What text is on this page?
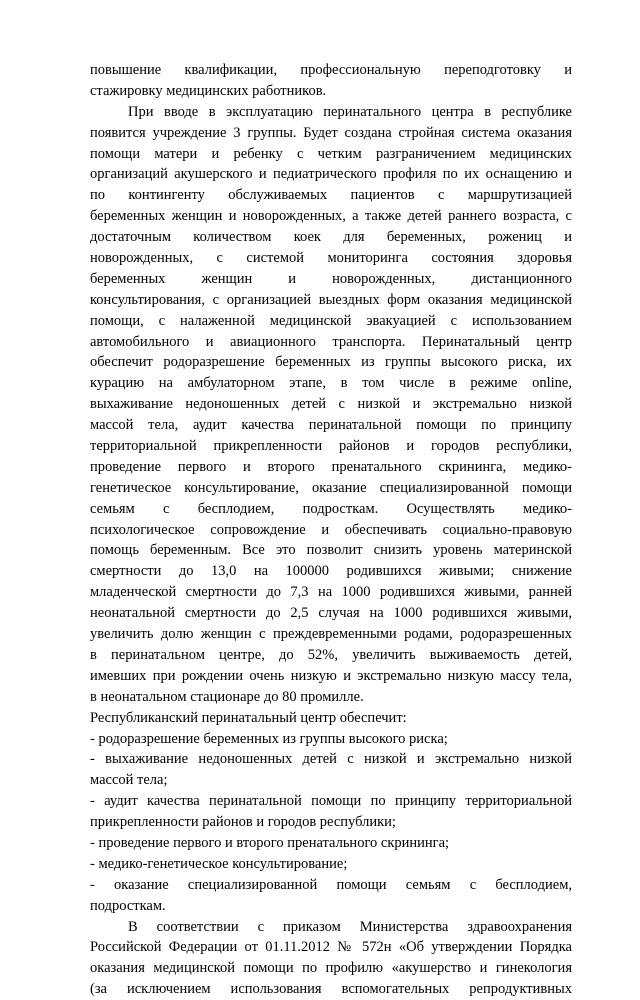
повышение квалификации, профессиональную переподготовку и
стажировку медицинских работников.
При вводе в эксплуатацию перинатального центра в республике
появится учреждение 3 группы. Будет создана стройная система оказания
помощи матери и ребенку с четким разграничением медицинских
организаций акушерского и педиатрического профиля по их оснащению и
по контингенту обслуживаемых пациентов с маршрутизацией
беременных женщин и новорожденных, а также детей раннего возраста, с
достаточным количеством коек для беременных, рожениц и
новорожденных, с системой мониторинга состояния здоровья
беременных женщин и новорожденных, дистанционного
консультирования, с организацией выездных форм оказания медицинской
помощи, с налаженной медицинской эвакуацией с использованием
автомобильного и авиационного транспорта. Перинатальный центр
обеспечит родоразрешение беременных из группы высокого риска, их
курацию на амбулаторном этапе, в том числе в режиме online,
выхаживание недоношенных детей с низкой и экстремально низкой
массой тела, аудит качества перинатальной помощи по принципу
территориальной прикрепленности районов и городов республики,
проведение первого и второго пренатального скрининга, медико-
генетическое консультирование, оказание специализированной помощи
семьям с бесплодием, подросткам. Осуществлять медико-
психологическое сопровождение и обеспечивать социально-правовую
помощь беременным. Все это позволит снизить уровень материнской
смертности до 13,0 на 100000 родившихся живыми; снижение
младенческой смертности до 7,3 на 1000 родившихся живыми, ранней
неонатальной смертности до 2,5 случая на 1000 родившихся живыми,
увеличить долю женщин с преждевременными родами, родоразрешенных
в перинатальном центре, до 52%, увеличить выживаемость детей,
имевших при рождении очень низкую и экстремально низкую массу тела,
в неонатальном стационаре до 80 промилле.
Республиканский перинатальный центр обеспечит:
- родоразрешение беременных из группы высокого риска;
- выхаживание недоношенных детей с низкой и экстремально низкой
массой тела;
- аудит качества перинатальной помощи по принципу территориальной
прикрепленности районов и городов республики;
- проведение первого и второго пренатального скрининга;
- медико-генетическое консультирование;
- оказание специализированной помощи семьям с бесплодием,
подросткам.
В соответствии с приказом Министерства здравоохранения
Российской Федерации от 01.11.2012 № 572н «Об утверждении Порядка
оказания медицинской помощи по профилю «акушерство и гинекология
(за исключением использования вспомогательных репродуктивных
